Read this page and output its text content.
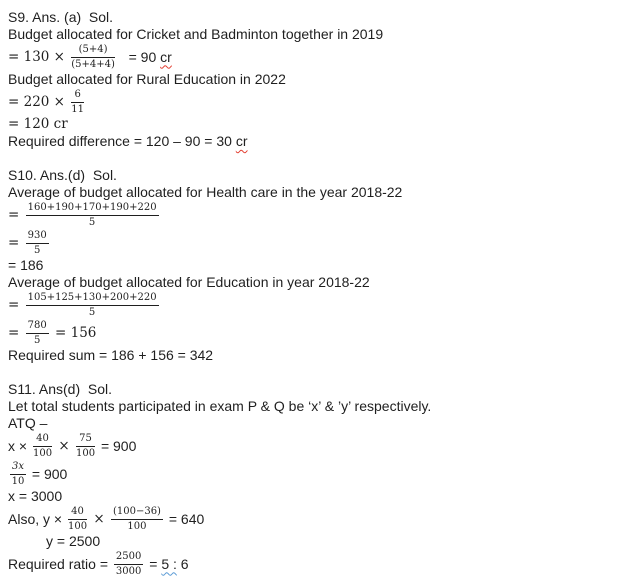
S9. Ans. (a)  Sol.
Budget allocated for Cricket and Badminton together in 2019
= $130 \times \frac{(5+4)}{(5+4+4)} = 90$ cr
Budget allocated for Rural Education in 2022
= $220 \times \frac{6}{11}$
= 120 cr
Required difference = 120 – 90 = 30 cr
S10. Ans.(d)  Sol.
Average of budget allocated for Health care in the year 2018-22
= $\frac{160+190+170+190+220}{5}$
= $\frac{930}{5}$
= 186
Average of budget allocated for Education in year 2018-22
= $\frac{105+125+130+200+220}{5}$
= $\frac{780}{5} = 156$
Required sum = 186 + 156 = 342
S11. Ans(d)  Sol.
Let total students participated in exam P & Q be ‘x’ & ’y’ respectively.
ATQ –
$x \times \frac{40}{100} \times \frac{75}{100} = 900$
$\frac{3x}{10} = 900$
x = 3000
Also, $y \times \frac{40}{100} \times \frac{(100-36)}{100} = 640$
y = 2500
Required ratio = $\frac{2500}{3000} = 5$ : 6
